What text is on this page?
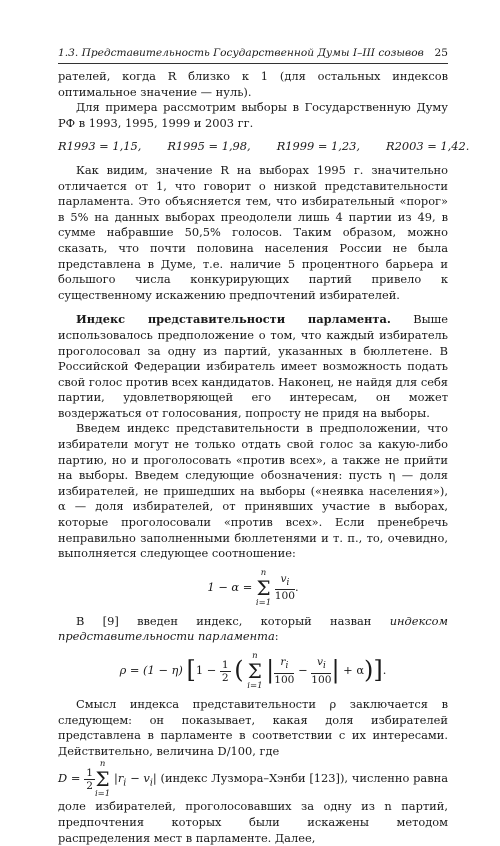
1.3. Представительность Государственной Думы I–III созывов 25

рателей, когда R близко к 1 (для остальных индексов оптимальное значение — нуль).

Для примера рассмотрим выборы в Государственную Думу РФ в 1993, 1995, 1999 и 2003 гг.

R1993 = 1,15, R1995 = 1,98, R1999 = 1,23, R2003 = 1,42.

Как видим, значение R на выборах 1995 г. значительно отличается от 1, что говорит о низкой представительности парламента. Это объясняется тем, что избирательный «порог» в 5% на данных выборах преодолели лишь 4 партии из 49, в сумме набравшие 50,5% голосов. Таким образом, можно сказать, что почти половина населения России не была представлена в Думе, т.е. наличие 5 процентного барьера и большого числа конкурирующих партий привело к существенному искажению предпочтений избирателей.

Индекс представительности парламента. Выше использовалось предположение о том, что каждый избиратель проголосовал за одну из партий, указанных в бюллетене. В Российской Федерации избиратель имеет возможность подать свой голос против всех кандидатов. Наконец, не найдя для себя партии, удовлетворяющей его интересам, он может воздержаться от голосования, попросту не придя на выборы.

Введем индекс представительности в предположении, что избиратели могут не только отдать свой голос за какую-либо партию, но и проголосовать «против всех», а также не прийти на выборы. Введем следующие обозначения: пусть η — доля избирателей, не пришедших на выборы («неявка населения»), α — доля избирателей, от принявших участие в выборах, которые проголосовали «против всех». Если пренебречь неправильно заполненными бюллетенями и т. п., то, очевидно, выполняется следующее соотношение:

1 − α =
n
Σ
i=1

$\frac{v_i}{100}$ .

В [9] введен индекс, который назван индексом представительности парламента:

ρ = (1 − η) [$1 - \frac{1}{2}$ (
n
Σ
i=1
| $\frac{r_i}{100} - \frac{v_i}{100}$ | + α)].

Смысл индекса представительности ρ заключается в следующем: он показывает, какая доля избирателей представлена в парламенте в соответствии с их интересами. Действительно, величина D/100, где

$D = \frac{1}{2}$
n
Σ
i=1
$|r_i - v_i|$ (индекс Лузмора–Хэнби [123]), численно равна доле избирателей, проголосовавших за одну из n партий, предпочтения которых были искажены методом распределения мест в парламенте. Далее,
